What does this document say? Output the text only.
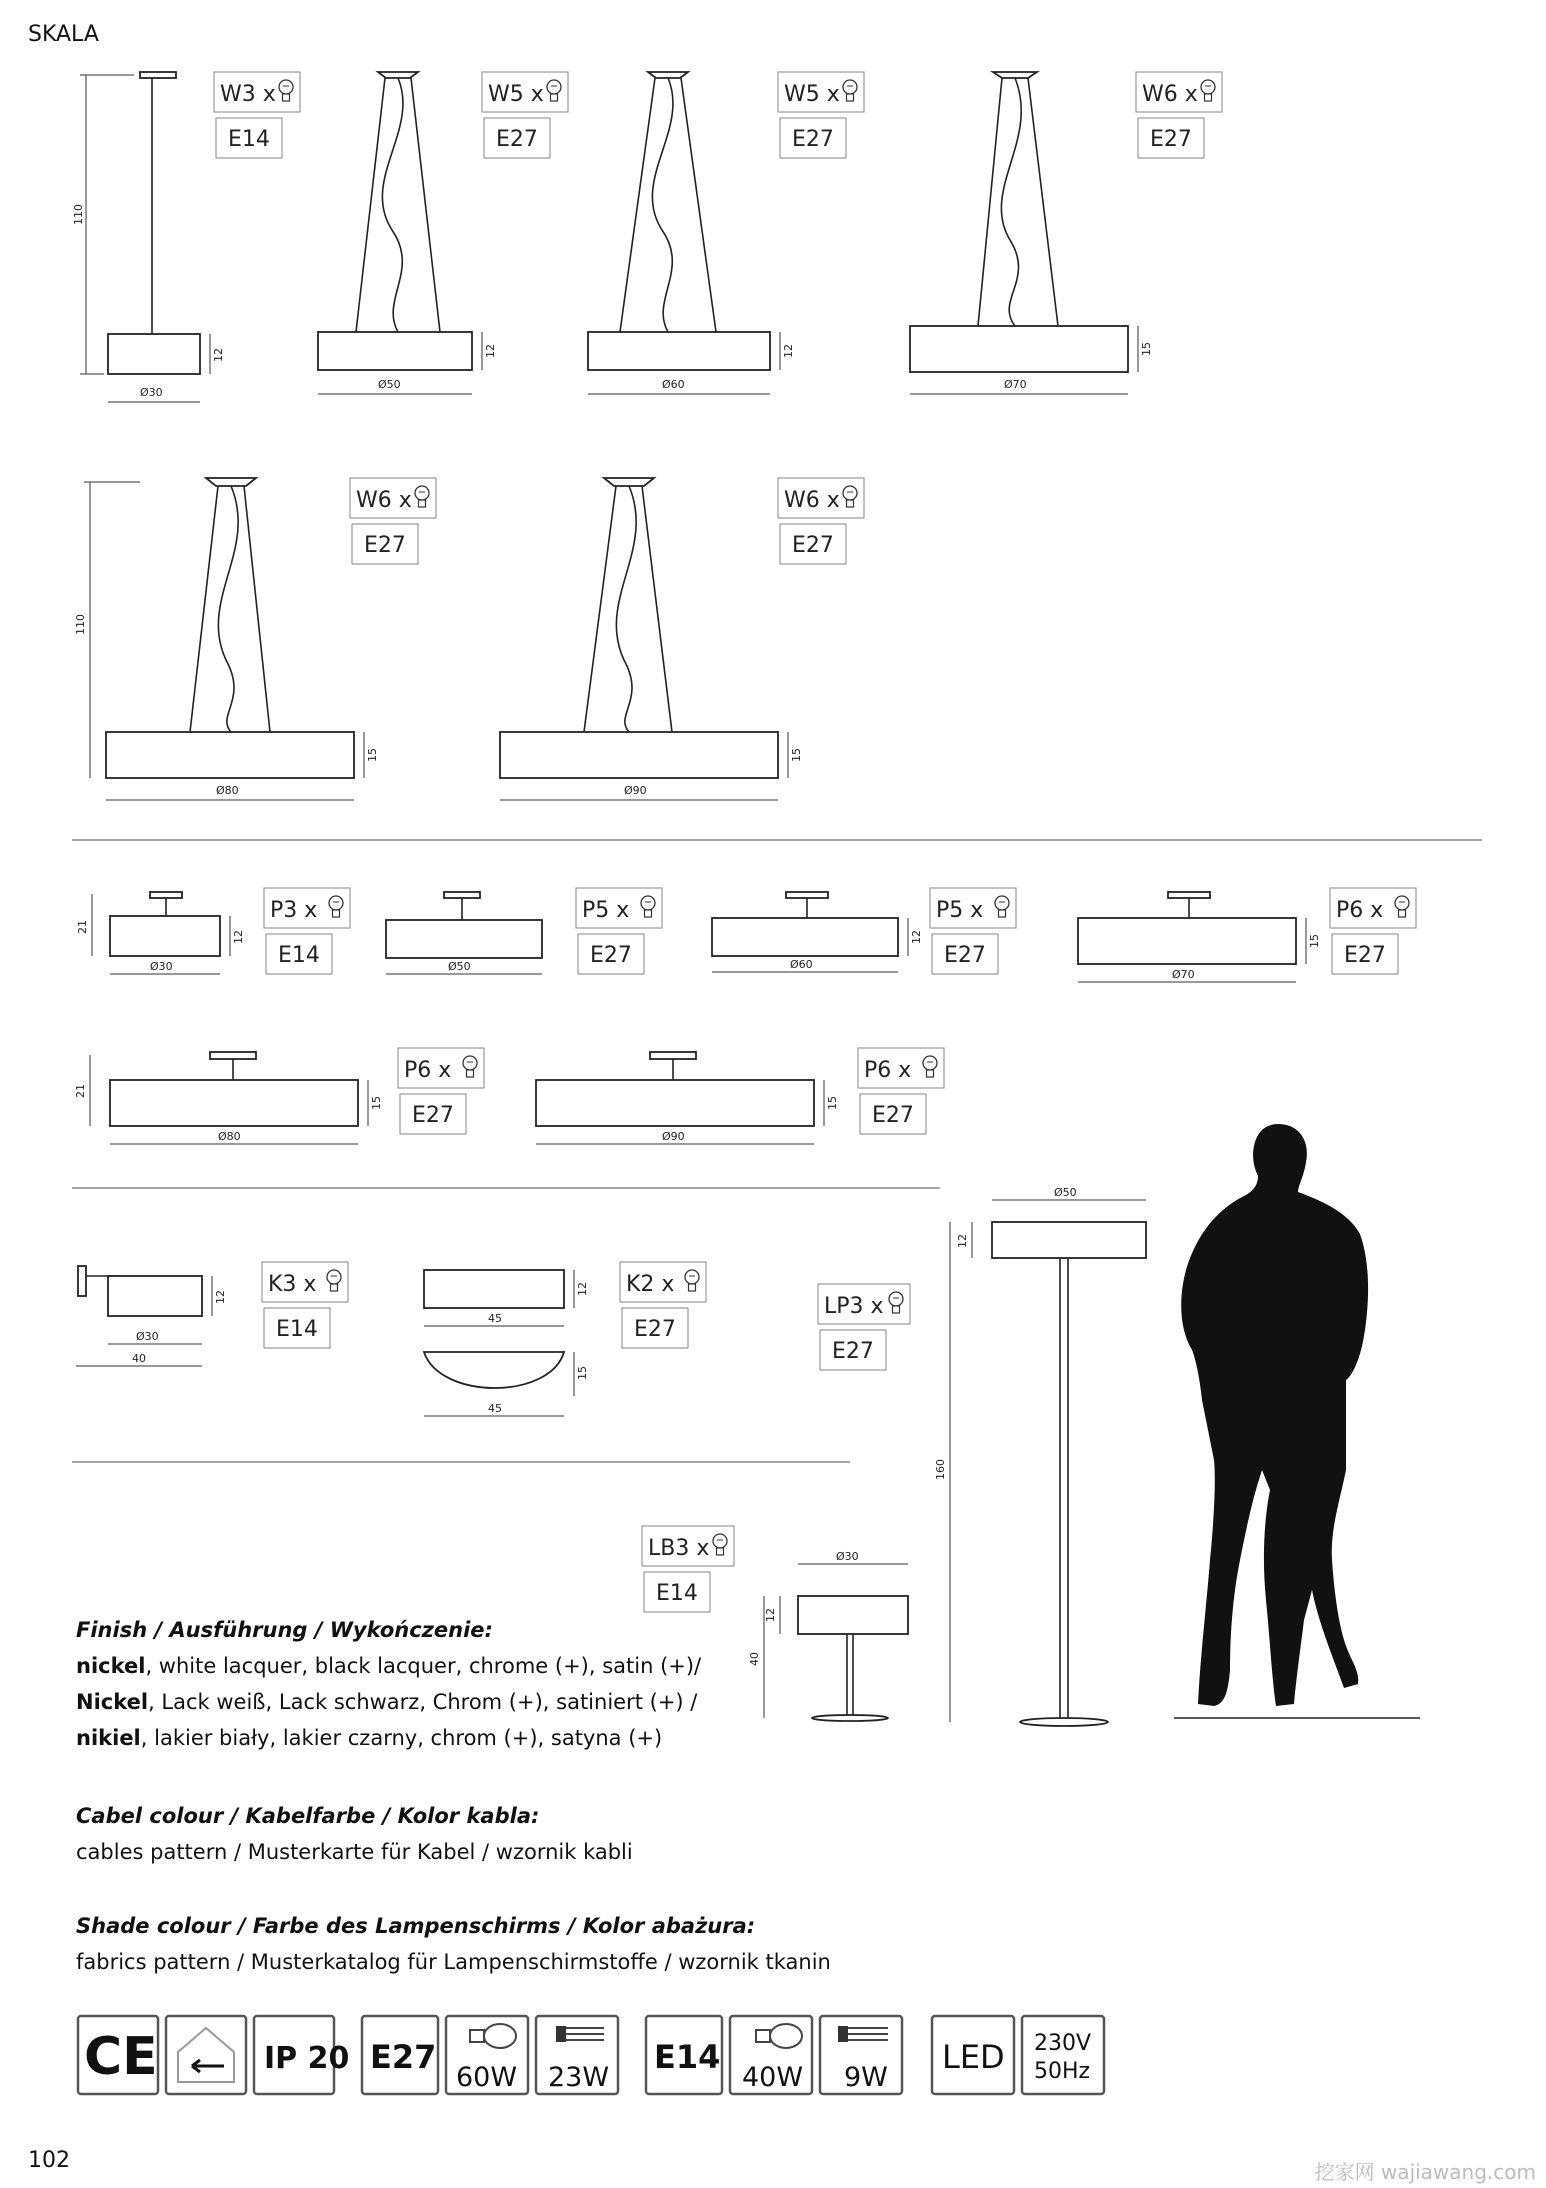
SKALA
110
12
Ø30
12
Ø50
12
Ø60
15
Ø70
110
15
Ø80
15
Ø90
21
12
Ø30	Ø50
12
Ø60
15
Ø70
21
15
Ø80
15
Ø90
12
Ø30
40
12
45
15
45
Ø50
12
160
Ø30
12
40
W3 x
E14
W5 x
E27
W5 x
E27
W6 x
E27
W6 x
E27
W6 x
E27
P3 x
E14
P5 x
E27
P5 x
E27
P6 x
E27
P6 x
E27
P6 x
E27
K3 x
E14
K2 x
E27
LP3 x
E27
LB3 x
E14
CE	IP 20 E27
60W 23W
E14
40W 9W
LED 230V
50Hz
Finish / Ausführung / Wykończenie:
nickel, white lacquer, black lacquer, chrome (+), satin (+)/
Nickel, Lack weiß, Lack schwarz, Chrom (+), satiniert (+) /
nikiel, lakier biały, lakier czarny, chrom (+), satyna (+)
Cabel colour / Kabelfarbe / Kolor kabla:
cables pattern / Musterkarte für Kabel / wzornik kabli
Shade colour / Farbe des Lampenschirms / Kolor abażura:
fabrics pattern / Musterkatalog für Lampenschirmstoffe / wzornik tkanin
102	挖家网 wajiawang.com
